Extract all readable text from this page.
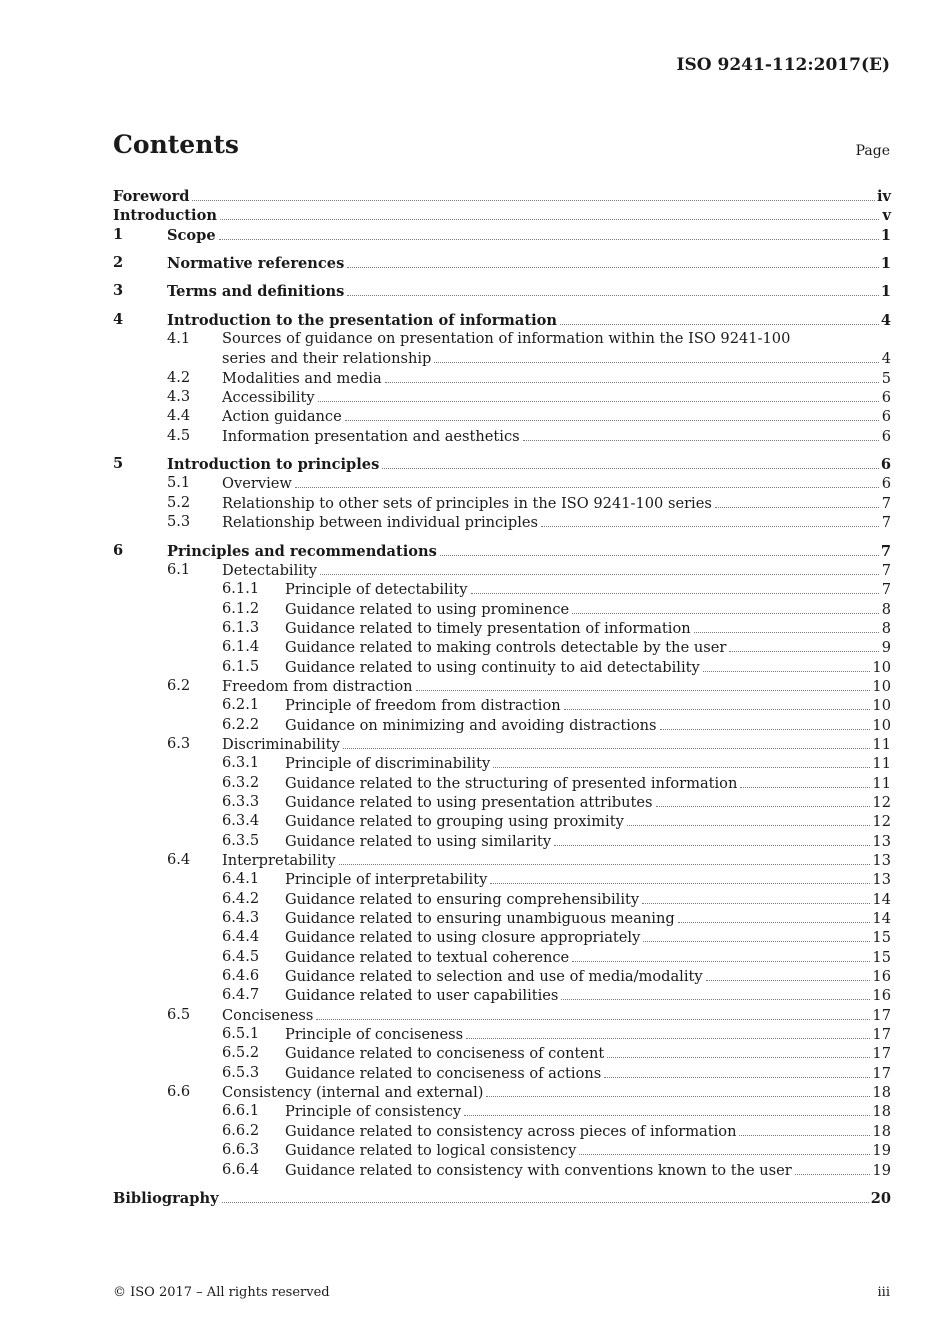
ISO 9241-112:2017(E)
Contents	Page
Foreword	iv
Introduction	v
1	Scope	1
2	Normative references	1
3	Terms and definitions	1
4	Introduction to the presentation of information	4
4.1 Sources of guidance on presentation of information within the ISO 9241-100
series and their relationship	4
4.2 Modalities and media	5
4.3 Accessibility	6
4.4 Action guidance	6
4.5 Information presentation and aesthetics	6
5	Introduction to principles	6
5.1 Overview	6
5.2 Relationship to other sets of principles in the ISO 9241-100 series	7
5.3 Relationship between individual principles	7
6	Principles and recommendations	7
6.1 Detectability	7
6.1.1 Principle of detectability	7
6.1.2 Guidance related to using prominence	8
6.1.3 Guidance related to timely presentation of information	8
6.1.4 Guidance related to making controls detectable by the user	9
6.1.5 Guidance related to using continuity to aid detectability	10
6.2 Freedom from distraction	10
6.2.1 Principle of freedom from distraction	10
6.2.2 Guidance on minimizing and avoiding distractions	10
6.3 Discriminability	11
6.3.1 Principle of discriminability	11
6.3.2 Guidance related to the structuring of presented information	11
6.3.3 Guidance related to using presentation attributes	12
6.3.4 Guidance related to grouping using proximity	12
6.3.5 Guidance related to using similarity	13
6.4 Interpretability	13
6.4.1 Principle of interpretability	13
6.4.2 Guidance related to ensuring comprehensibility	14
6.4.3 Guidance related to ensuring unambiguous meaning	14
6.4.4 Guidance related to using closure appropriately	15
6.4.5 Guidance related to textual coherence	15
6.4.6 Guidance related to selection and use of media/modality	16
6.4.7 Guidance related to user capabilities	16
6.5 Conciseness	17
6.5.1 Principle of conciseness	17
6.5.2 Guidance related to conciseness of content	17
6.5.3 Guidance related to conciseness of actions	17
6.6 Consistency (internal and external)	18
6.6.1 Principle of consistency	18
6.6.2 Guidance related to consistency across pieces of information	18
6.6.3 Guidance related to logical consistency	19
6.6.4 Guidance related to consistency with conventions known to the user	19
Bibliography	20
© ISO 2017 – All rights reserved	iii
